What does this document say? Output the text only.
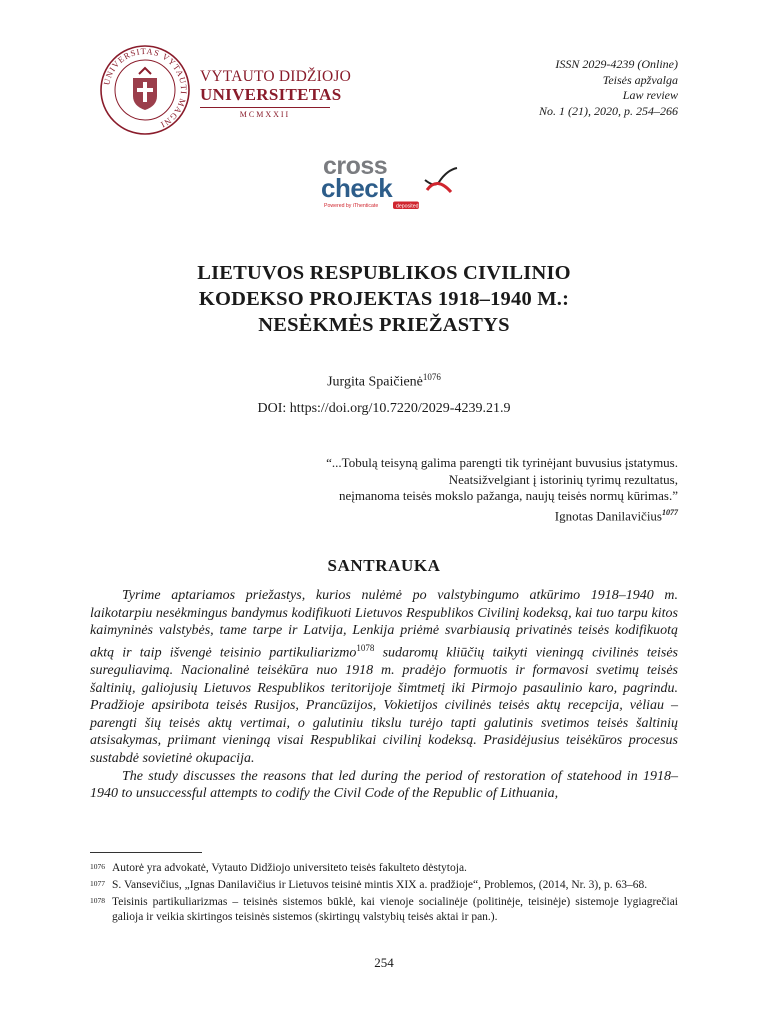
UNIVERSITAS VYTAUTI MAGNI
VYTAUTO DIDŽIOJO
UNIVERSITETAS
MCMXXII
ISSN 2029-4239 (Online)
Teisės apžvalga
Law review
No. 1 (21), 2020, p. 254–266
cross
check
Powered by iThenticate	deposited
LIETUVOS RESPUBLIKOS CIVILINIO
KODEKSO PROJEKTAS 1918–1940 M.:
NESĖKMĖS PRIEŽASTYS
Jurgita Spaičienė$^{1076}$
DOI: https://doi.org/10.7220/2029-4239.21.9
“...Tobulą teisyną galima parengti tik tyrinėjant buvusius įstatymus.
Neatsižvelgiant į istorinių tyrimų rezultatus,
neįmanoma teisės mokslo pažanga, naujų teisės normų kūrimas.”
Ignotas Danilavičius$^{1077}$
SANTRAUKA

Tyrime aptariamos priežastys, kurios nulėmė po valstybingumo atkūrimo 1918–1940 m. laikotarpiu nesėkmingus bandymus kodifikuoti Lietuvos Respublikos Civilinį kodeksą, kai tuo tarpu kitos kaimyninės valstybės, tame tarpe ir Latvija, Lenkija priėmė svarbiausią privatinės teisės kodifikuotą aktą ir taip išvengė teisinio partikuliarizmo$^{1078}$ sudaromų kliūčių taikyti vieningą civilinės teisės sureguliavimą. Nacionalinė teisėkūra nuo 1918 m. pradėjo formuotis ir formavosi svetimų teisės šaltinių, galiojusių Lietuvos Respublikos teritorijoje šimtmetį iki Pirmojo pasaulinio karo, pagrindu. Pradžioje apsiribota teisės Rusijos, Prancūzijos, Vokietijos civilinės teisės aktų recepcija, vėliau – parengti šių teisės aktų vertimai, o galutiniu tikslu turėjo tapti galutinis svetimos teisės šaltinių atsisakymas, priimant vieningą visai Respublikai civilinį kodeksą. Prasidėjusius teisėkūros procesus sustabdė sovietinė okupacija.

The study discusses the reasons that led during the period of restoration of statehood in 1918–1940 to unsuccessful attempts to codify the Civil Code of the Republic of Lithuania,

1076 Autorė yra advokatė, Vytauto Didžiojo universiteto teisės fakulteto dėstytoja.
1077 S. Vansevičius, „Ignas Danilavičius ir Lietuvos teisinė mintis XIX a. pradžioje“, Problemos, (2014, Nr. 3), p. 63–68.
1078 Teisinis partikuliarizmas – teisinės sistemos būklė, kai vienoje socialinėje (politinėje, teisinėje) sistemoje lygiagrečiai galioja ir veikia skirtingos teisinės sistemos (skirtingų valstybių teisės aktai ir pan.).
254
